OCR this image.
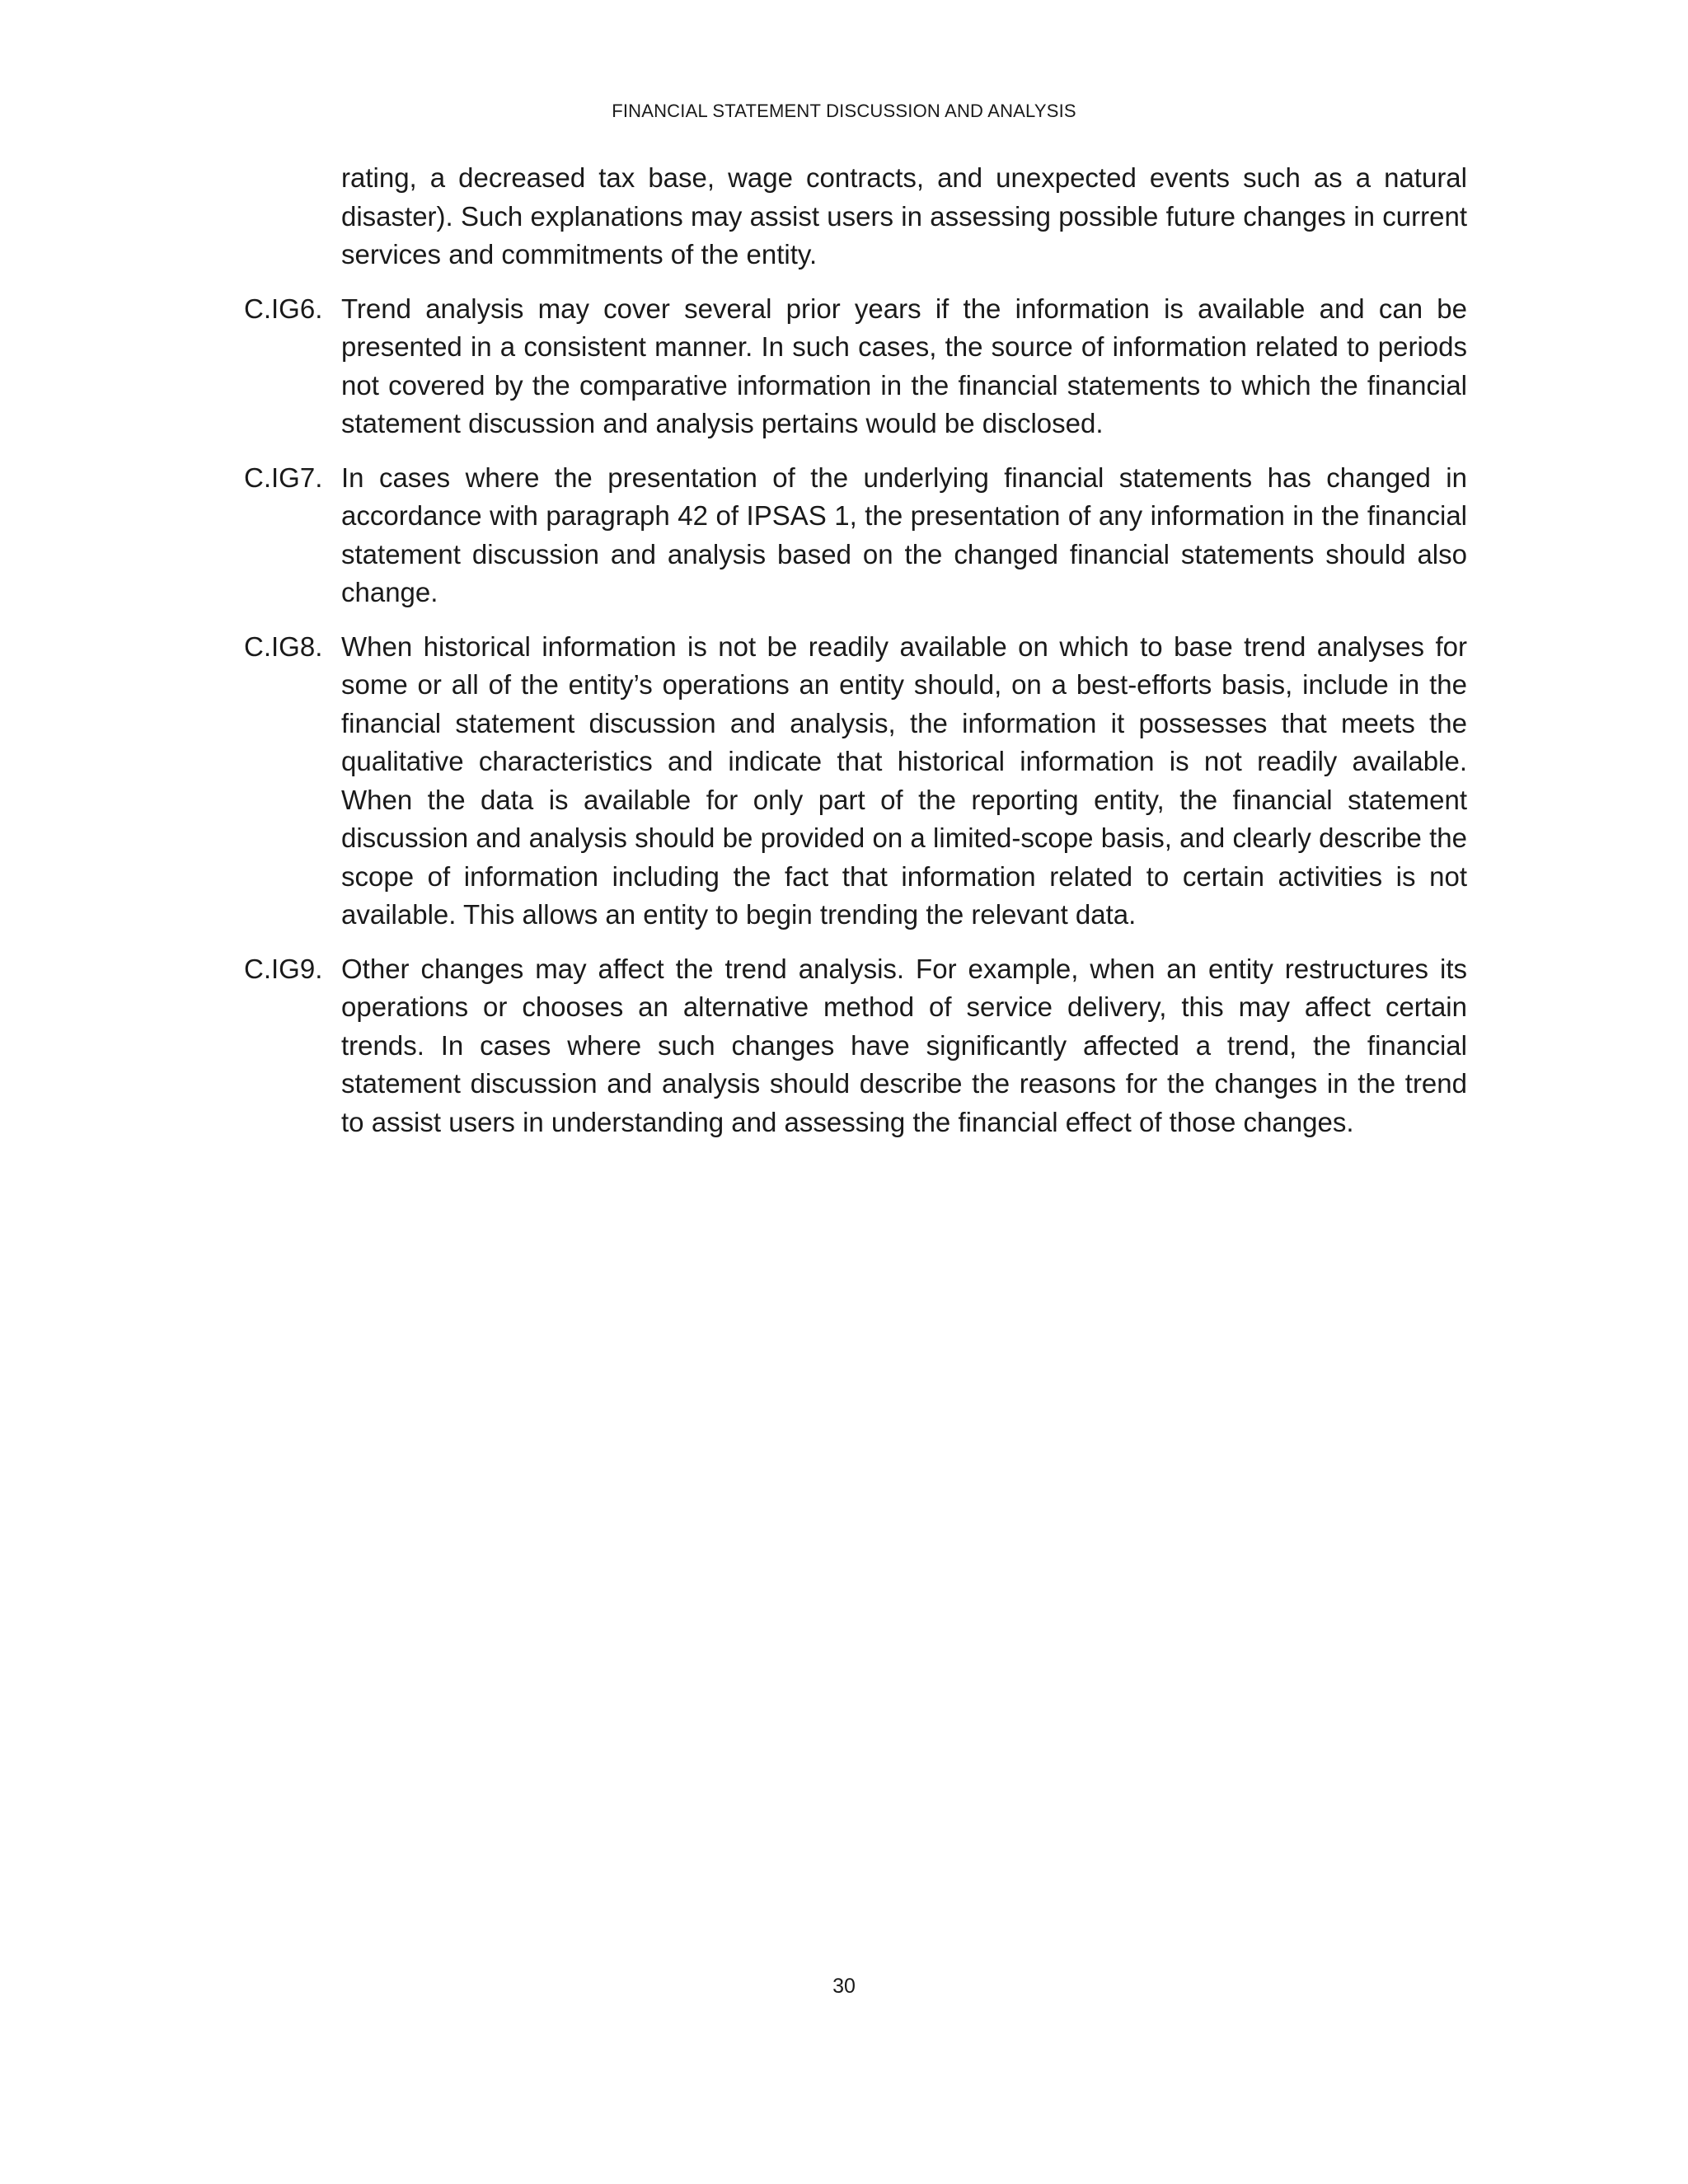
FINANCIAL STATEMENT DISCUSSION AND ANALYSIS
rating, a decreased tax base, wage contracts, and unexpected events such as a natural disaster). Such explanations may assist users in assessing possible future changes in current services and commitments of the entity.
C.IG6. Trend analysis may cover several prior years if the information is available and can be presented in a consistent manner. In such cases, the source of information related to periods not covered by the comparative information in the financial statements to which the financial statement discussion and analysis pertains would be disclosed.
C.IG7. In cases where the presentation of the underlying financial statements has changed in accordance with paragraph 42 of IPSAS 1, the presentation of any information in the financial statement discussion and analysis based on the changed financial statements should also change.
C.IG8. When historical information is not be readily available on which to base trend analyses for some or all of the entity’s operations an entity should, on a best-efforts basis, include in the financial statement discussion and analysis, the information it possesses that meets the qualitative characteristics and indicate that historical information is not readily available. When the data is available for only part of the reporting entity, the financial statement discussion and analysis should be provided on a limited-scope basis, and clearly describe the scope of information including the fact that information related to certain activities is not available. This allows an entity to begin trending the relevant data.
C.IG9. Other changes may affect the trend analysis. For example, when an entity restructures its operations or chooses an alternative method of service delivery, this may affect certain trends. In cases where such changes have significantly affected a trend, the financial statement discussion and analysis should describe the reasons for the changes in the trend to assist users in understanding and assessing the financial effect of those changes.
30
